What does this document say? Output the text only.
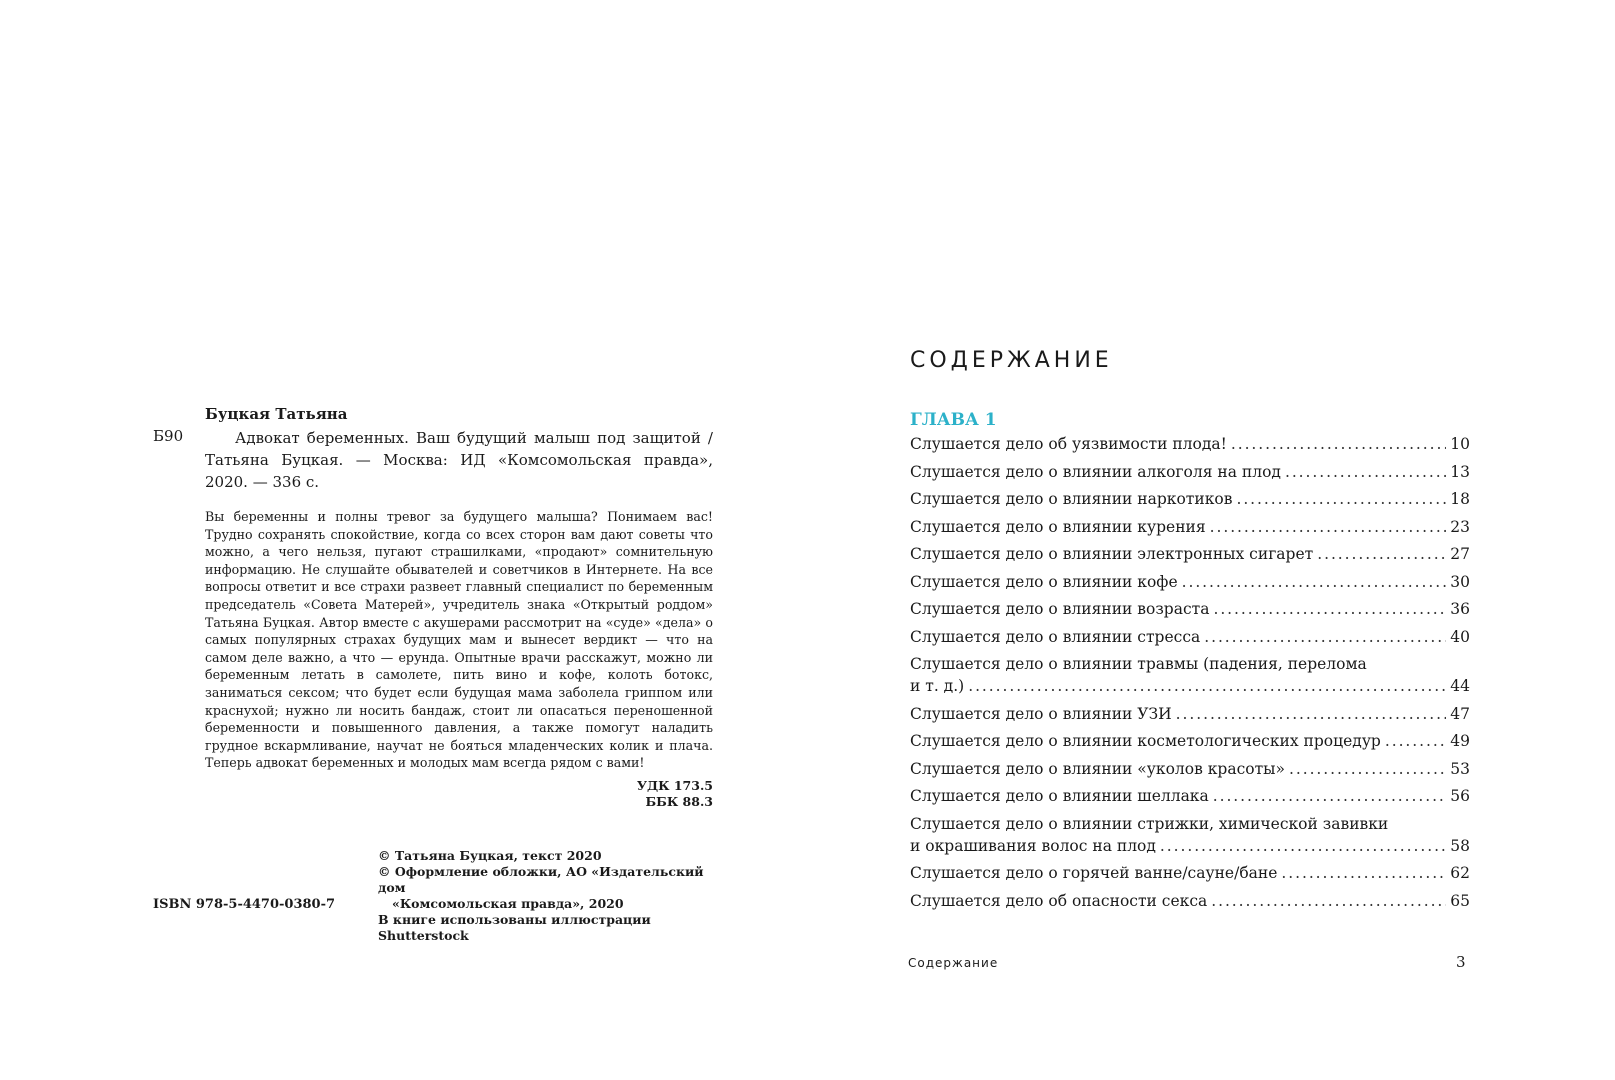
Буцкая Татьяна
Б90	Адвокат беременных. Ваш будущий малыш под защитой / Татьяна Буцкая. — Москва: ИД «Комсомольская правда», 2020. — 336 с.

Вы беременны и полны тревог за будущего малыша? Понимаем вас! Трудно сохранять спокойствие, когда со всех сторон вам дают советы что можно, а чего нельзя, пугают страшилками, «продают» сомнительную информацию. Не слушайте обывателей и советчиков в Интернете. На все вопросы ответит и все страхи развеет главный специалист по беременным председатель «Совета Матерей», учредитель знака «Открытый роддом» Татьяна Буцкая. Автор вместе с акушерами рассмотрит на «суде» «дела» о самых популярных страхах будущих мам и вынесет вердикт — что на самом деле важно, а что — ерунда. Опытные врачи расскажут, можно ли беременным летать в самолете, пить вино и кофе, колоть ботокс, заниматься сексом; что будет если будущая мама заболела гриппом или краснухой; нужно ли носить бандаж, стоит ли опасаться переношенной беременности и повышенного давления, а также помогут наладить грудное вскармливание, научат не бояться младенческих колик и плача. Теперь адвокат беременных и молодых мам всегда рядом с вами!

УДК 173.5
ББК 88.3
© Татьяна Буцкая, текст 2020
© Оформление обложки, АО «Издательский дом
«Комсомольская правда», 2020
В книге использованы иллюстрации Shutterstock
ISBN 978-5-4470-0380-7
СОДЕРЖАНИЕ
ГЛАВА 1
Слушается дело об уязвимости плода! . . .	10
Слушается дело о влиянии алкоголя на плод . . .	13
Слушается дело о влиянии наркотиков . . .	18
Слушается дело о влиянии курения . . .	23
Слушается дело о влиянии электронных сигарет . . .	27
Слушается дело о влиянии кофе . . .	30
Слушается дело о влиянии возраста . . .	36
Слушается дело о влиянии стресса . . .	40
Слушается дело о влиянии травмы (падения, перелома
и т. д.) . . .	44
Слушается дело о влиянии УЗИ . . .	47
Слушается дело о влиянии косметологических процедур . . .	49
Слушается дело о влиянии «уколов красоты» . . .	53
Слушается дело о влиянии шеллака . . .	56
Слушается дело о влиянии стрижки, химической завивки
и окрашивания волос на плод . . .	58
Слушается дело о горячей ванне/сауне/бане . . .	62
Слушается дело об опасности секса . . .	65
Содержание	3
